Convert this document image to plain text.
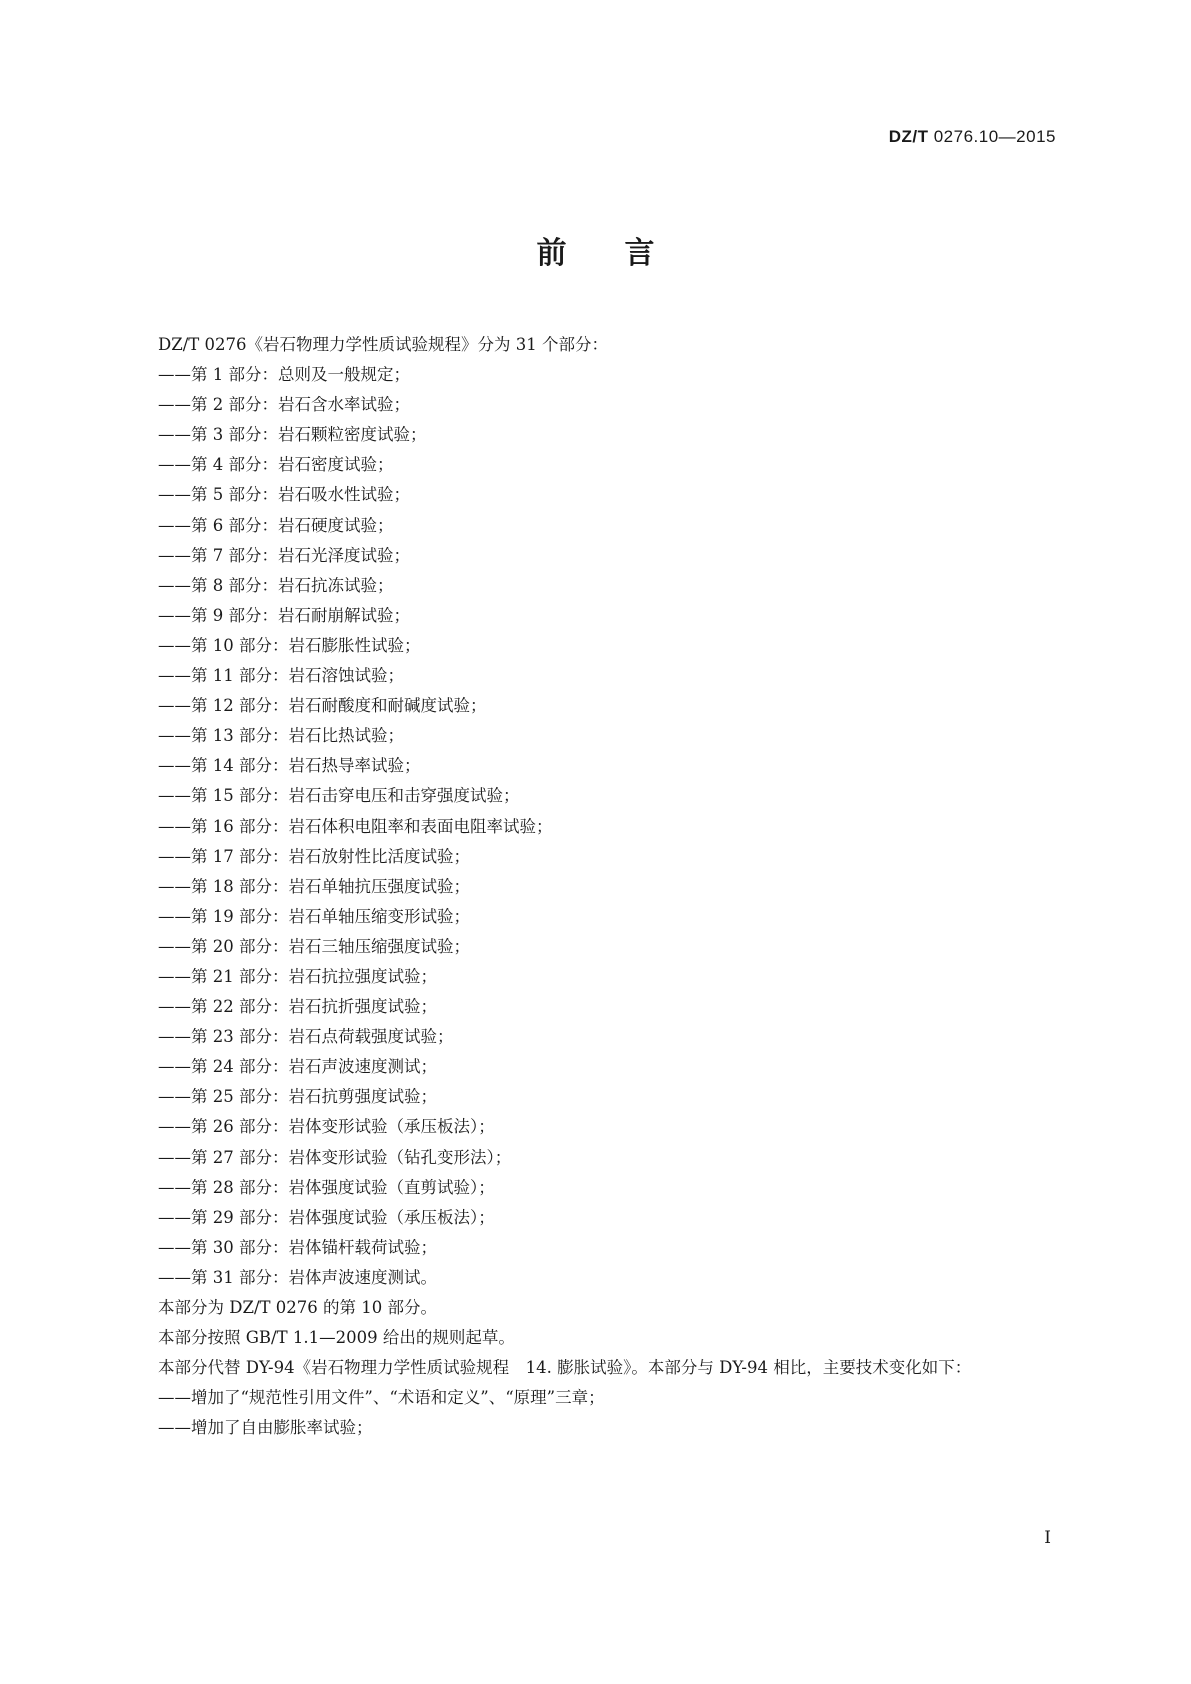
DZ/T 0276.10—2015
前言

DZ/T 0276《岩石物理力学性质试验规程》分为 31 个部分：

——第 1 部分：总则及一般规定；
——第 2 部分：岩石含水率试验；
——第 3 部分：岩石颗粒密度试验；
——第 4 部分：岩石密度试验；
——第 5 部分：岩石吸水性试验；
——第 6 部分：岩石硬度试验；
——第 7 部分：岩石光泽度试验；
——第 8 部分：岩石抗冻试验；
——第 9 部分：岩石耐崩解试验；
——第 10 部分：岩石膨胀性试验；
——第 11 部分：岩石溶蚀试验；
——第 12 部分：岩石耐酸度和耐碱度试验；
——第 13 部分：岩石比热试验；
——第 14 部分：岩石热导率试验；
——第 15 部分：岩石击穿电压和击穿强度试验；
——第 16 部分：岩石体积电阻率和表面电阻率试验；
——第 17 部分：岩石放射性比活度试验；
——第 18 部分：岩石单轴抗压强度试验；
——第 19 部分：岩石单轴压缩变形试验；
——第 20 部分：岩石三轴压缩强度试验；
——第 21 部分：岩石抗拉强度试验；
——第 22 部分：岩石抗折强度试验；
——第 23 部分：岩石点荷载强度试验；
——第 24 部分：岩石声波速度测试；
——第 25 部分：岩石抗剪强度试验；
——第 26 部分：岩体变形试验（承压板法）；
——第 27 部分：岩体变形试验（钻孔变形法）；
——第 28 部分：岩体强度试验（直剪试验）；
——第 29 部分：岩体强度试验（承压板法）；
——第 30 部分：岩体锚杆载荷试验；
——第 31 部分：岩体声波速度测试。

本部分为 DZ/T 0276 的第 10 部分。

本部分按照 GB/T 1.1—2009 给出的规则起草。

本部分代替 DY-94《岩石物理力学性质试验规程　14. 膨胀试验》。本部分与 DY-94 相比，主要技术变化如下：

——增加了“规范性引用文件”、“术语和定义”、“原理”三章；
——增加了自由膨胀率试验；
I
